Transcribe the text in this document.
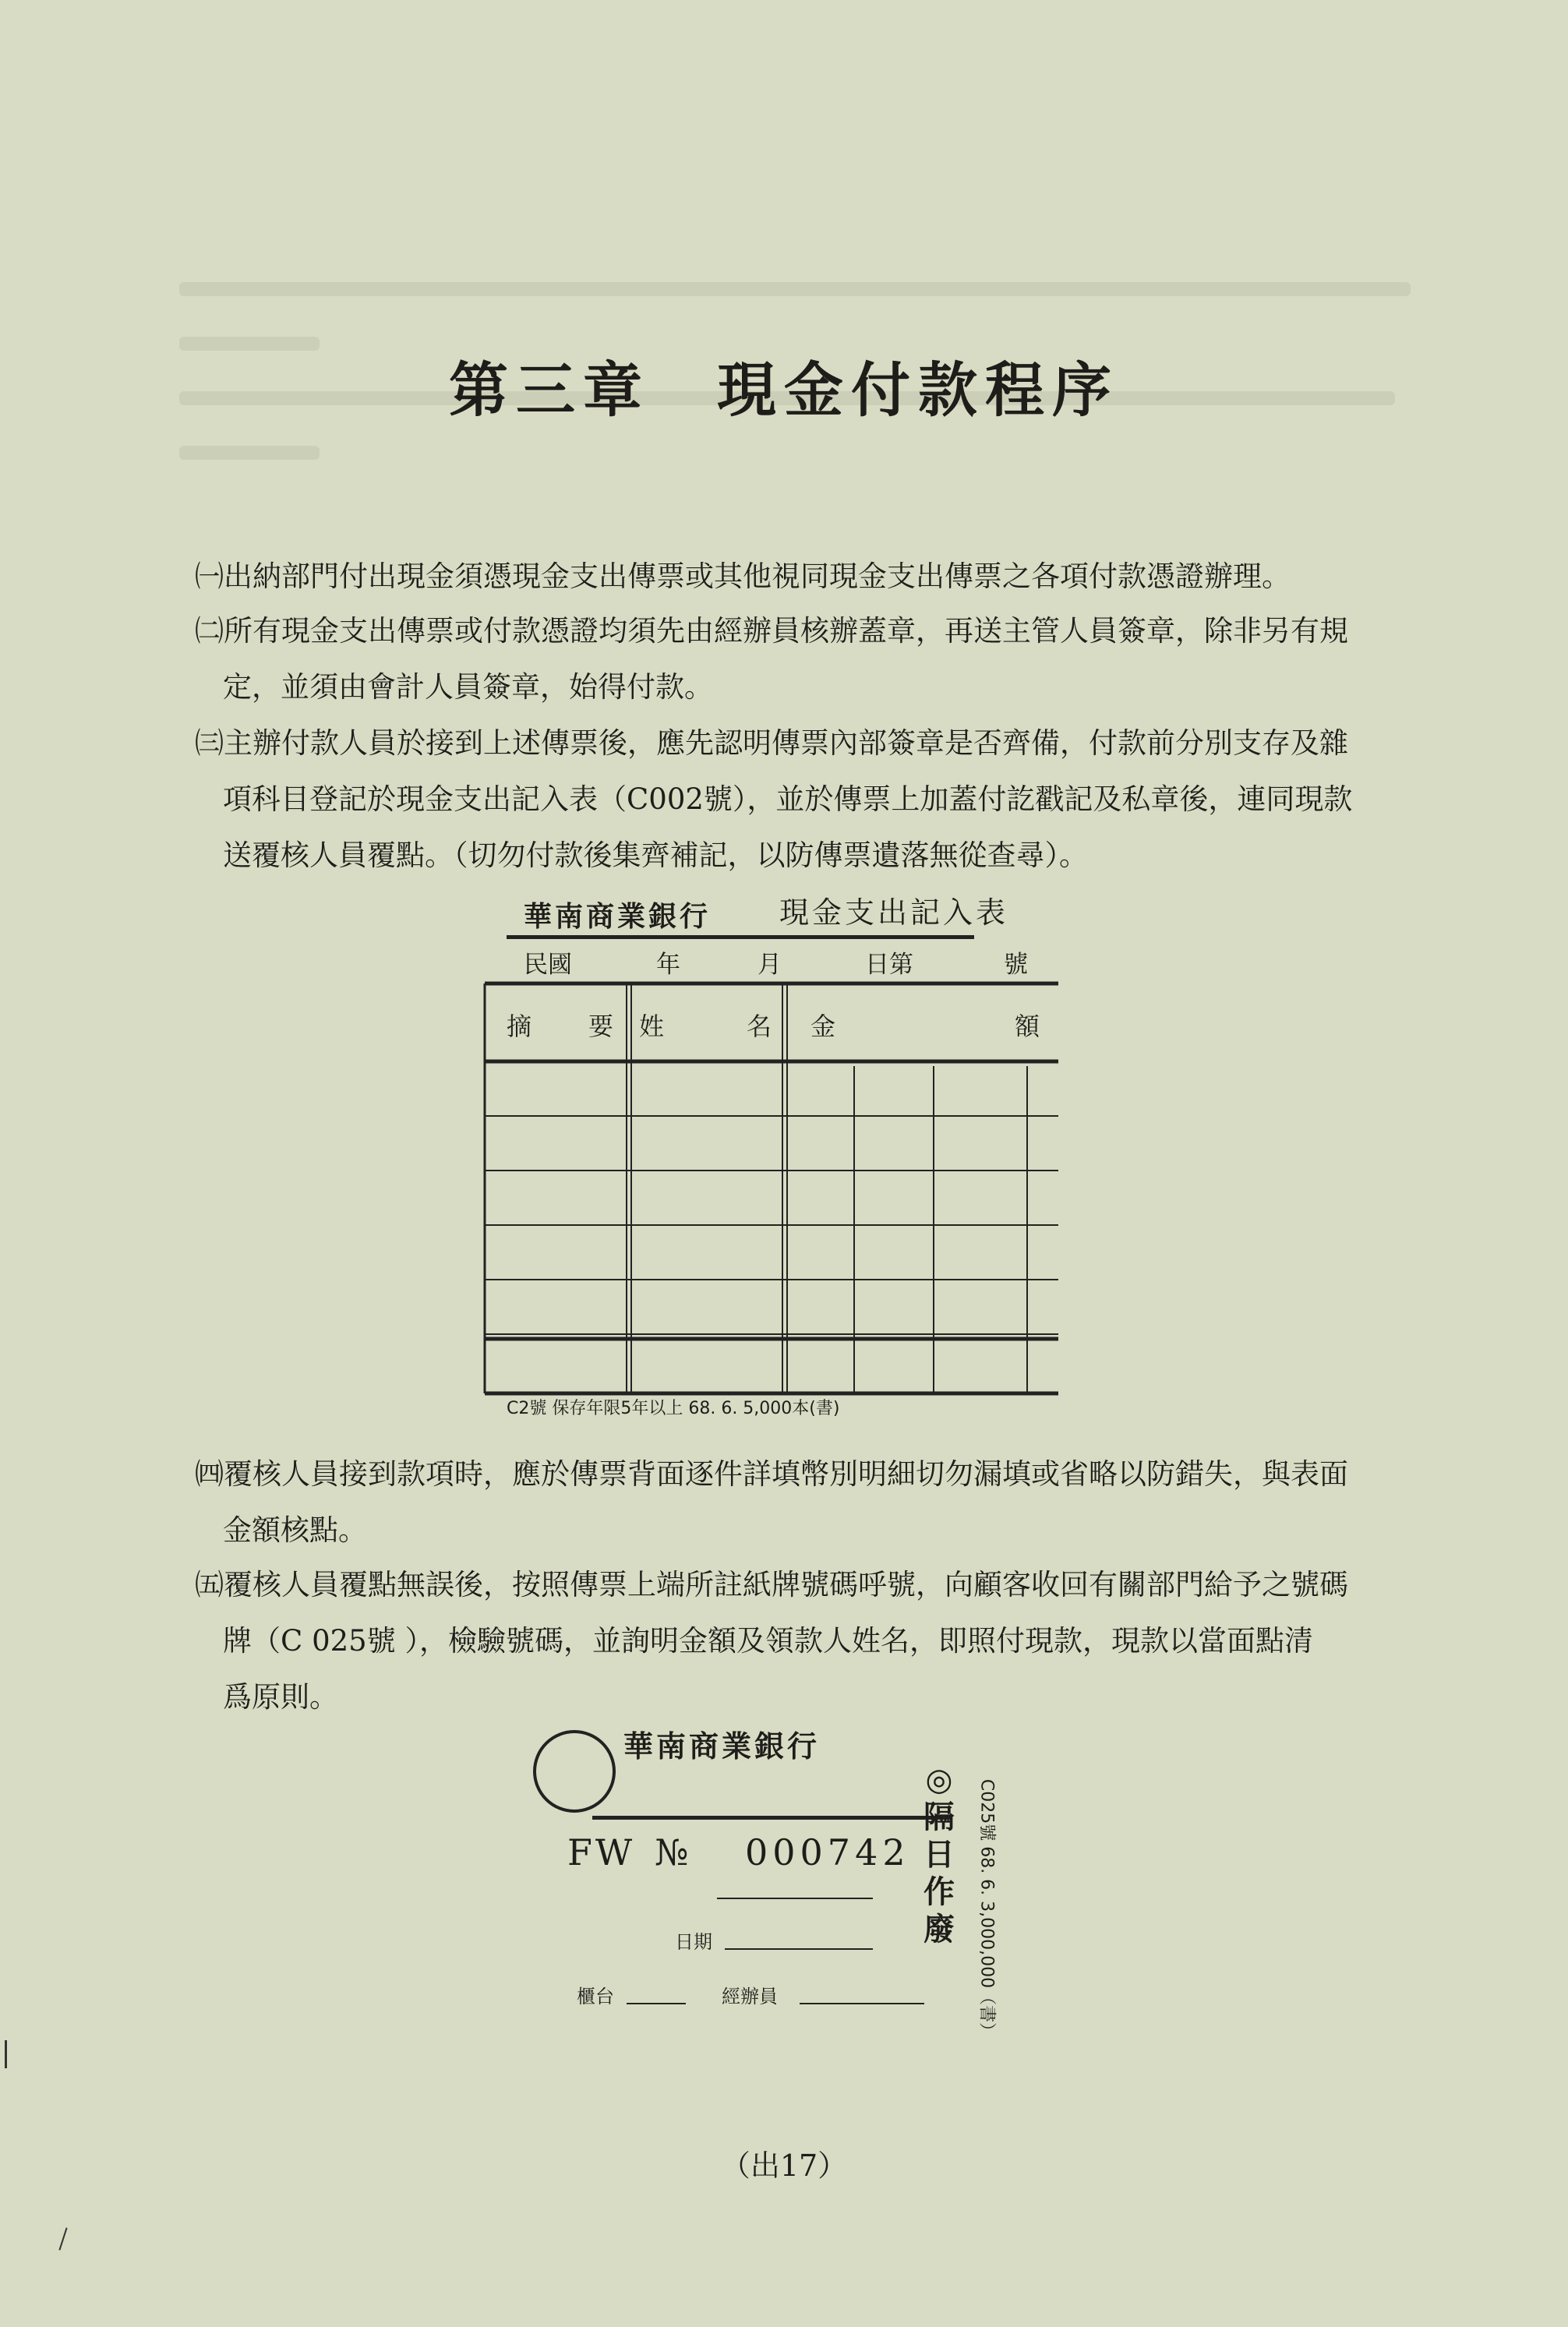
第三章　現金付款程序

㈠出納部門付出現金須憑現金支出傳票或其他視同現金支出傳票之各項付款憑證辦理。

㈡所有現金支出傳票或付款憑證均須先由經辦員核辦蓋章，再送主管人員簽章，除非另有規
定，並須由會計人員簽章，始得付款。

㈢主辦付款人員於接到上述傳票後，應先認明傳票內部簽章是否齊備，付款前分別支存及雜
項科目登記於現金支出記入表（C002號），並於傳票上加蓋付訖戳記及私章後，連同現款
送覆核人員覆點。（切勿付款後集齊補記，以防傳票遺落無從查尋）。

華南商業銀行 現金支出記入表
民國	年	月	日第	號
摘 要 姓	名 金	額
C2號 保存年限5年以上 68. 6. 5,000本(書)

㈣覆核人員接到款項時，應於傳票背面逐件詳填幣別明細切勿漏填或省略以防錯失，與表面
金額核點。

㈤覆核人員覆點無誤後，按照傳票上端所註紙牌號碼呼號，向顧客收回有關部門給予之號碼
牌（C 025號 ），檢驗號碼，並詢明金額及領款人姓名，即照付現款，現款以當面點清
爲原則。

華南商業銀行
FW № 000742
日期
櫃台	經辦員
◎隔日作廢	C025號 68. 6. 3,000,000（書）
（出17）
